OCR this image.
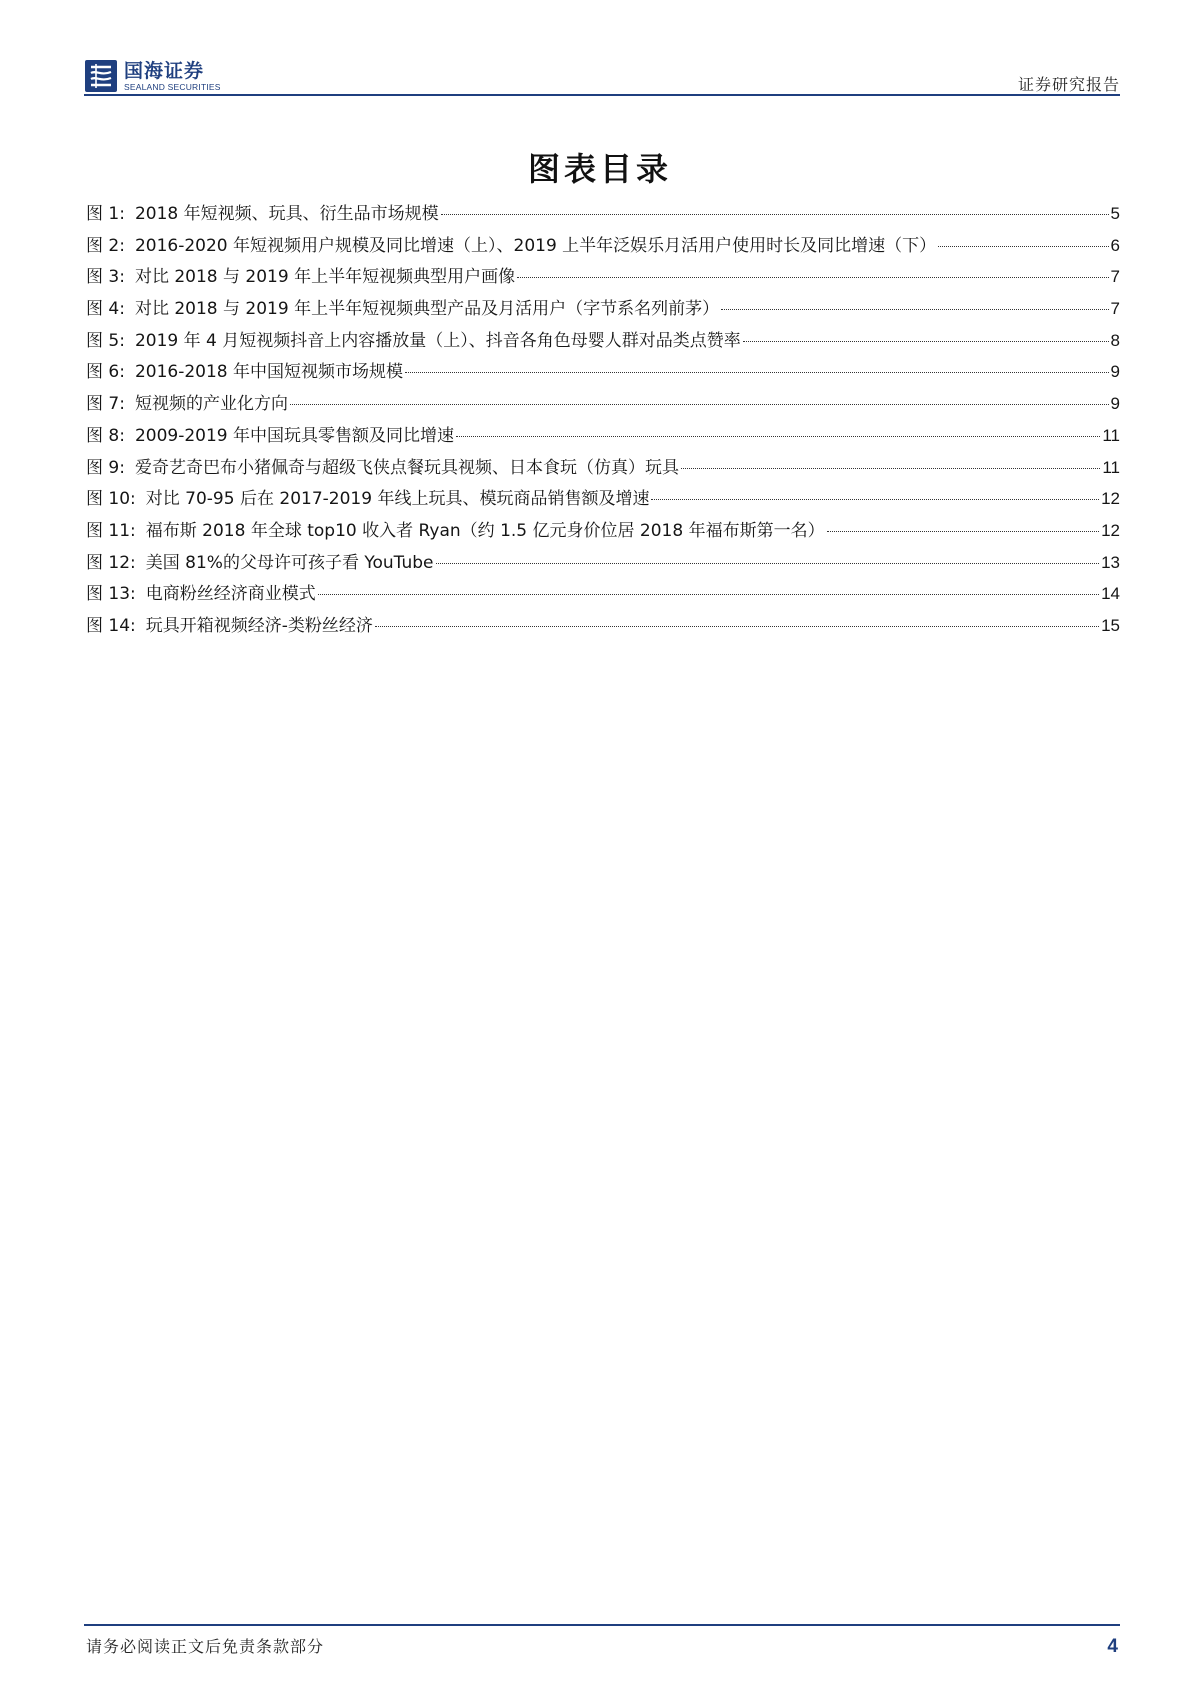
国海证券
SEALAND SECURITIES	证券研究报告
图表目录
图 1: 2018 年短视频、玩具、衍生品市场规模	5
图 2: 2016-2020 年短视频用户规模及同比增速（上）、2019 上半年泛娱乐月活用户使用时长及同比增速（下）	6
图 3: 对比 2018 与 2019 年上半年短视频典型用户画像	7
图 4: 对比 2018 与 2019 年上半年短视频典型产品及月活用户（字节系名列前茅）	7
图 5: 2019 年 4 月短视频抖音上内容播放量（上）、抖音各角色母婴人群对品类点赞率	8
图 6: 2016-2018 年中国短视频市场规模	9
图 7: 短视频的产业化方向	9
图 8: 2009-2019 年中国玩具零售额及同比增速	11
图 9: 爱奇艺奇巴布小猪佩奇与超级飞侠点餐玩具视频、日本食玩（仿真）玩具	11
图 10: 对比 70-95 后在 2017-2019 年线上玩具、模玩商品销售额及增速	12
图 11: 福布斯 2018 年全球 top10 收入者 Ryan（约 1.5 亿元身价位居 2018 年福布斯第一名）	12
图 12: 美国 81%的父母许可孩子看 YouTube	13
图 13: 电商粉丝经济商业模式	14
图 14: 玩具开箱视频经济-类粉丝经济	15
请务必阅读正文后免责条款部分	4
